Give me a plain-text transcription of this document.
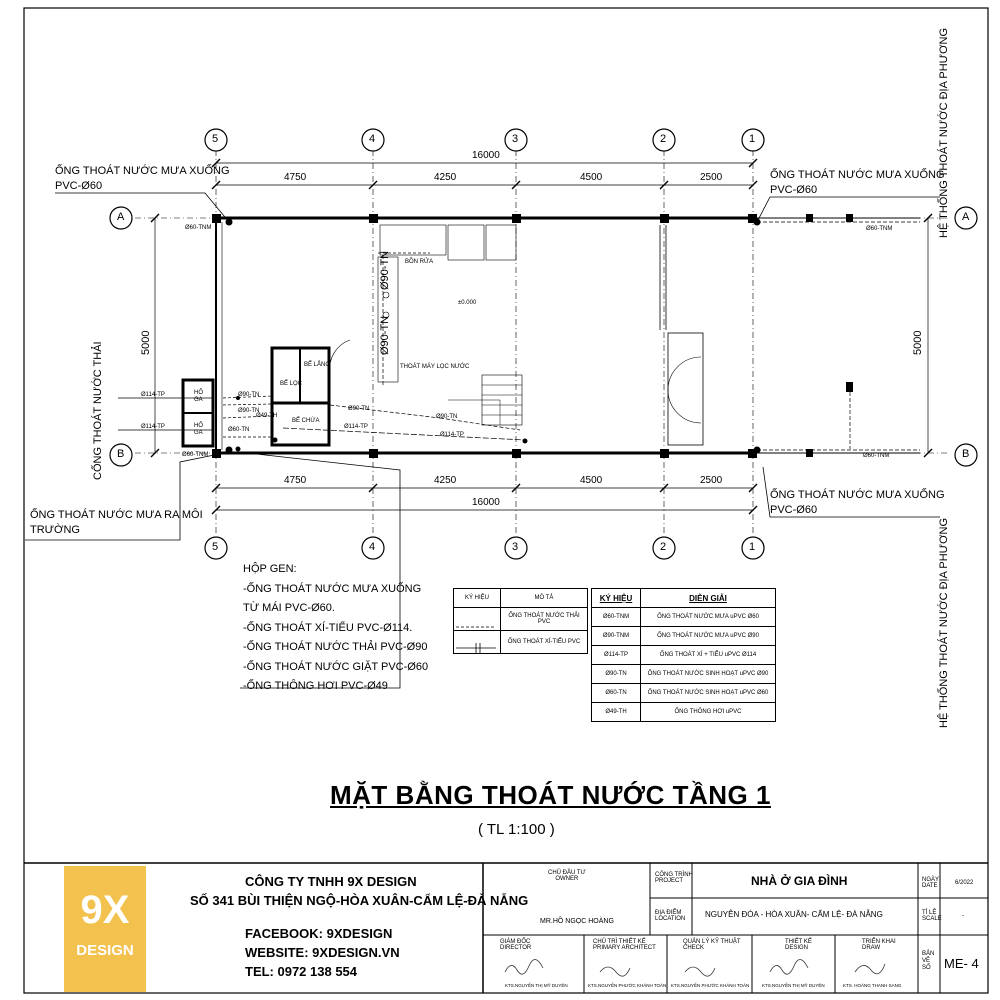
5	4	3	2	1
5	4	3	2	1
A	A
B	B
16000
4750	4250	4500	2500
4750	4250	4500	2500
16000
5000	5000
ỐNG THOÁT NƯỚC MƯA XUỐNG
PVC-Ø60
ỐNG THOÁT NƯỚC MƯA XUỐNG
PVC-Ø60
ỐNG THOÁT NƯỚC MƯA XUỐNG
PVC-Ø60
ỐNG THOÁT NƯỚC MƯA RA MÔI
TRƯỜNG
CỐNG THOÁT NƯỚC THẢI
HỆ THỐNG THOÁT NƯỚC ĐỊA PHƯƠNG
HỆ THỐNG THOÁT NƯỚC ĐỊA PHƯƠNG
HỘP GEN:
-ỐNG THOÁT NƯỚC MƯA XUỐNG
TỪ MÁI PVC-Ø60.
-ỐNG THOÁT XÍ-TIỂU PVC-Ø114.
-ỐNG THOÁT NƯỚC THẢI PVC-Ø90
-ỐNG THOÁT NƯỚC GIẶT PVC-Ø60
-ỐNG THÔNG HƠI PVC-Ø49
Ø60-TNM	Ø60-TNM
Ø60-TNM	Ø60-TNM
BỒN RỬA
±0.000
THOÁT MÁY LỌC NƯỚC
BỂ LẮNG
BỂ LỌC
BỂ CHỨA
HỐ
GA
HỐ
GA
Ø114-TP
Ø114-TP	Ø114-TP
Ø114-TP
Ø90-TN
Ø90-TN	Ø90-TN
Ø90-TN
Ø90-TN
Ø90-TN
Ø60-TN
Ø49-TH
KÝ HIỆU	MÔ TẢ
	ỐNG THOÁT NƯỚC THẢI PVC
	ỐNG THOÁT XÍ-TIỂU PVC
KÝ HIỆU	DIỄN GIẢI
Ø60-TNM	ỐNG THOÁT NƯỚC MƯA uPVC Ø60
Ø90-TNM	ỐNG THOÁT NƯỚC MƯA uPVC Ø90
Ø114-TP	ỐNG THOÁT XÍ + TIỂU uPVC Ø114
Ø90-TN	ỐNG THOÁT NƯỚC SINH HOẠT uPVC Ø90
Ø60-TN	ỐNG THOÁT NƯỚC SINH HOẠT uPVC Ø60
Ø49-TH	ỐNG THÔNG HƠI uPVC
MẶT BẰNG THOÁT NƯỚC TẦNG 1
( TL 1:100 )
9X
DESIGN
CÔNG TY TNHH 9X DESIGN
SỐ 341 BÙI THIỆN NGỘ-HÒA XUÂN-CẨM LỆ-ĐÀ NẴNG
FACEBOOK: 9XDESIGN
WEBSITE: 9XDESIGN.VN
TEL: 0972 138 554
CHỦ ĐẦU TƯ
OWNER
MR.HỒ NGỌC HOÀNG
CÔNG TRÌNH
PROJECT	NHÀ Ở GIA ĐÌNH
ĐỊA ĐIỂM
LOCATION NGUYỄN ĐÓA - HÒA XUÂN- CẨM LỆ- ĐÀ NẴNG
NGÀY
DATE	6/2022
TỈ LỆ
SCALE	-
BẢN
VẼ
SỐ ME- 4
GIÁM ĐỐC
DIRECTOR
KTS.NGUYỄN THỊ MỸ DUYÊN
CHỦ TRÌ THIẾT KẾ
PRIMARY ARCHITECT
KTS.NGUYỄN PHƯỚC KHÁNH TOÀN
QUẢN LÝ KỸ THUẬT
CHECK
KTS.NGUYỄN PHƯỚC KHÁNH TOÀN
THIẾT KẾ
DESIGN
KTS.NGUYỄN THỊ MỸ DUYÊN
TRIỂN KHAI
DRAW
KTS. HOÀNG THANH SANG
